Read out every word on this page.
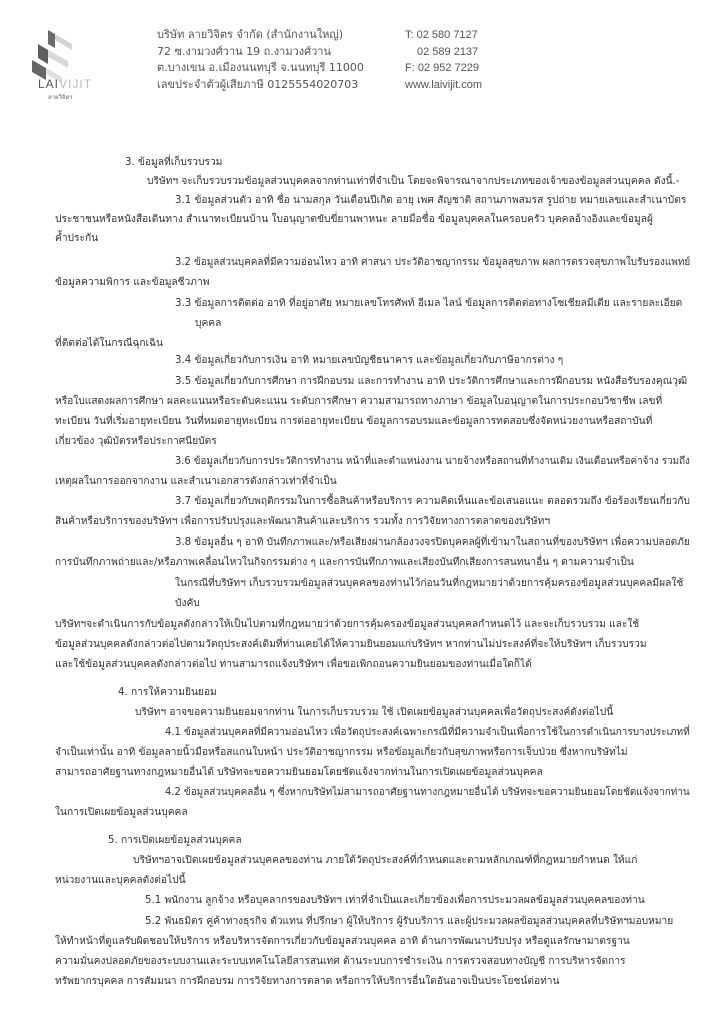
LAIVIJIT
ลายวิจิตร
บริษัท ลายวิจิตร จำกัด (สำนักงานใหญ่)
72 ซ.งามวงศ์วาน 19 ถ.งามวงศ์วาน
ต.บางเขน อ.เมืองนนทบุรี จ.นนทบุรี 11000
เลขประจำตัวผู้เสียภาษี 0125554020703
T: 02 580 7127
02 589 2137
F: 02 952 7229
www.laivijit.com
3. ข้อมูลที่เก็บรวบรวม
บริษัทฯ จะเก็บรวบรวมข้อมูลส่วนบุคคลจากท่านเท่าที่จำเป็น โดยจะพิจารณาจากประเภทของเจ้าของข้อมูลส่วนบุคคล ดังนี้.-
3.1 ข้อมูลส่วนตัว อาทิ ชื่อ นามสกุล วันเดือนปีเกิด อายุ เพศ สัญชาติ สถานภาพสมรส รูปถ่าย หมายเลขและสำเนาบัตร
ประชาชนหรือหนังสือเดินทาง สำเนาทะเบียนบ้าน ใบอนุญาตขับขี่ยานพาหนะ ลายมือชื่อ ข้อมูลบุคคลในครอบครัว บุคคลอ้างอิงและข้อมูลผู้
ค้ำประกัน
3.2 ข้อมูลส่วนบุคคลที่มีความอ่อนไหว อาทิ ศาสนา ประวัติอาชญากรรม ข้อมูลสุขภาพ ผลการตรวจสุขภาพใบรับรองแพทย์
ข้อมูลความพิการ และข้อมูลชีวภาพ
3.3 ข้อมูลการติดต่อ อาทิ ที่อยู่อาศัย หมายเลขโทรศัพท์ อีเมล ไลน์ ข้อมูลการติดต่อทางโซเชียลมีเดีย และรายละเอียด
บุคคล
ที่ติดต่อได้ในกรณีฉุกเฉิน
3.4 ข้อมูลเกี่ยวกับการเงิน อาทิ หมายเลขบัญชีธนาคาร และข้อมูลเกี่ยวกับภาษีอากรต่าง ๆ
3.5 ข้อมูลเกี่ยวกับการศึกษา การฝึกอบรม และการทำงาน อาทิ ประวัติการศึกษาและการฝึกอบรม หนังสือรับรองคุณวุฒิ
หรือใบแสดงผลการศึกษา ผลคะแนนหรือระดับคะแนน ระดับการศึกษา ความสามารถทางภาษา ข้อมูลใบอนุญาตในการประกอบวิชาชีพ เลขที่
ทะเบียน วันที่เริ่มอายุทะเบียน วันที่หมดอายุทะเบียน การต่ออายุทะเบียน ข้อมูลการอบรมและข้อมูลการทดสอบซึ่งจัดหน่วยงานหรือสถาบันที่
เกี่ยวข้อง วุฒิบัตรหรือประกาศนียบัตร
3.6 ข้อมูลเกี่ยวกับการประวัติการทำงาน หน้าที่และตำแหน่งงาน นายจ้างหรือสถานที่ทำงานเดิม เงินเดือนหรือค่าจ้าง รวมถึง
เหตุผลในการออกจากงาน และสำเนาเอกสารดังกล่าวเท่าที่จำเป็น
3.7 ข้อมูลเกี่ยวกับพฤติกรรมในการซื้อสินค้าหรือบริการ ความคิดเห็นและข้อเสนอแนะ ตลอดรวมถึง ข้อร้องเรียนเกี่ยวกับ
สินค้าหรือบริการของบริษัทฯ เพื่อการปรับปรุงและพัฒนาสินค้าและบริการ รวมทั้ง การวิจัยทางการตลาดของบริษัทฯ
3.8 ข้อมูลอื่น ๆ อาทิ บันทึกภาพและ/หรือเสียงผ่านกล้องวงจรปิดบุคคลผู้ที่เข้ามาในสถานที่ของบริษัทฯ เพื่อความปลอดภัย
การบันทึกภาพถ่ายและ/หรือภาพเคลื่อนไหวในกิจกรรมต่าง ๆ และการบันทึกภาพและเสียงบันทึกเสียงการสนทนาอื่น ๆ ตามความจำเป็น
ในกรณีที่บริษัทฯ เก็บรวบรวมข้อมูลส่วนบุคคลของท่านไว้ก่อนวันที่กฎหมายว่าด้วยการคุ้มครองข้อมูลส่วนบุคคลมีผลใช้
บังคับ
บริษัทฯจะดำเนินการกับข้อมูลดังกล่าวให้เป็นไปตามที่กฎหมายว่าด้วยการคุ้มครองข้อมูลส่วนบุคคลกำหนดไว้ และจะเก็บรวบรวม และใช้
ข้อมูลส่วนบุคคลดังกล่าวต่อไปตามวัตถุประสงค์เดิมที่ท่านเคยได้ให้ความยินยอมแก่บริษัทฯ หากท่านไม่ประสงค์ที่จะให้บริษัทฯ เก็บรวบรวม
และใช้ข้อมูลส่วนบุคคลดังกล่าวต่อไป ท่านสามารถแจ้งบริษัทฯ เพื่อขอเพิกถอนความยินยอมของท่านเมื่อใดก็ได้
4. การให้ความยินยอม
บริษัทฯ อาจขอความยินยอมจากท่าน ในการเก็บรวบรวม ใช้ เปิดเผยข้อมูลส่วนบุคคลเพื่อวัตถุประสงค์ดังต่อไปนี้
4.1 ข้อมูลส่วนบุคคลที่มีความอ่อนไหว เพื่อวัตถุประสงค์เฉพาะกรณีที่มีความจำเป็นเพื่อการใช้ในการดำเนินการบางประเภทที่
จำเป็นเท่านั้น อาทิ ข้อมูลลายนิ้วมือหรือสแกนใบหน้า ประวัติอาชญากรรม หรือข้อมูลเกี่ยวกับสุขภาพหรือการเจ็บป่วย ซึ่งหากบริษัทไม่
สามารถอาศัยฐานทางกฎหมายอื่นได้ บริษัทจะขอความยินยอมโดยชัดแจ้งจากท่านในการเปิดเผยข้อมูลส่วนบุคคล
4.2 ข้อมูลส่วนบุคคลอื่น ๆ ซึ่งหากบริษัทไม่สามารถอาศัยฐานทางกฎหมายอื่นได้ บริษัทจะขอความยินยอมโดยชัดแจ้งจากท่าน
ในการเปิดเผยข้อมูลส่วนบุคคล
5. การเปิดเผยข้อมูลส่วนบุคคล
บริษัทฯอาจเปิดเผยข้อมูลส่วนบุคคลของท่าน ภายใต้วัตถุประสงค์ที่กำหนดและตามหลักเกณฑ์ที่กฎหมายกำหนด ให้แก่
หน่วยงานและบุคคลดังต่อไปนี้
5.1 พนักงาน ลูกจ้าง หรือบุคลากรของบริษัทฯ เท่าที่จำเป็นและเกี่ยวข้องเพื่อการประมวลผลข้อมูลส่วนบุคคลของท่าน
5.2 พันธมิตร คู่ค้าทางธุรกิจ ตัวแทน ที่ปรึกษา ผู้ให้บริการ ผู้รับบริการ และผู้ประมวลผลข้อมูลส่วนบุคคลที่บริษัทฯมอบหมาย
ให้ทำหน้าที่ดูแลรับผิดชอบให้บริการ หรือบริหารจัดการเกี่ยวกับข้อมูลส่วนบุคคล อาทิ ด้านการพัฒนาปรับปรุง หรือดูแลรักษามาตรฐาน
ความมั่นคงปลอดภัยของระบบงานและระบบเทคโนโลยีสารสนเทศ ด้านระบบการชำระเงิน การตรวจสอบทางบัญชี การบริหารจัดการ
ทรัพยากรบุคคล การสัมมนา การฝึกอบรม การวิจัยทางการตลาด หรือการให้บริการอื่นใดอันอาจเป็นประโยชน์ต่อท่าน
